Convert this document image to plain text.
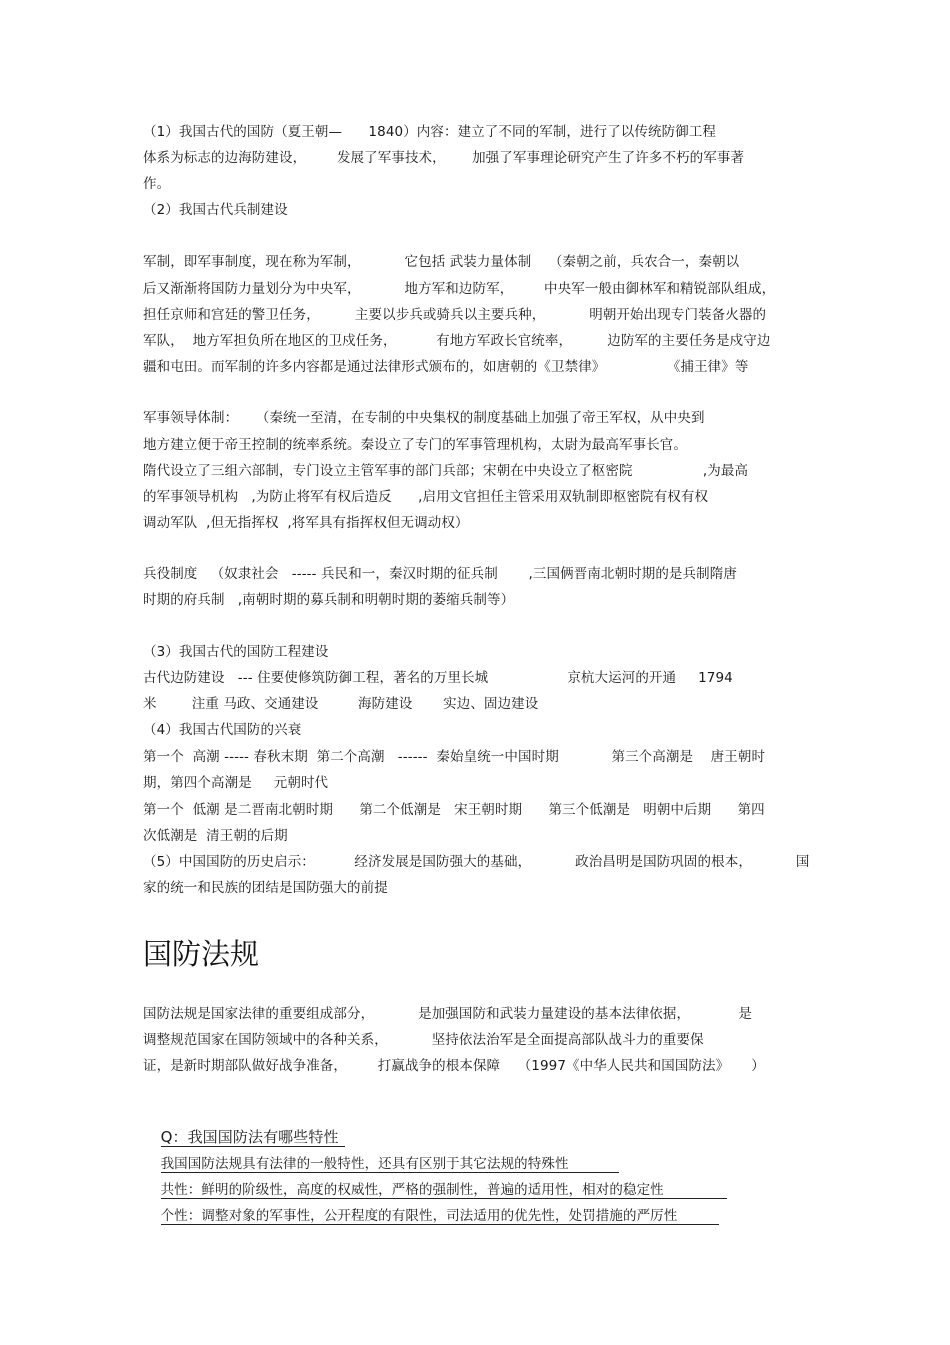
（1）我国古代的国防（夏王朝—      1840）内容：建立了不同的军制，进行了以传统防御工程
体系为标志的边海防建设，       发展了军事技术，      加强了军事理论研究产生了许多不朽的军事著
作。
（2）我国古代兵制建设
军制，即军事制度，现在称为军制，          它包括 武装力量体制    （秦朝之前，兵农合一，秦朝以
后又渐渐将国防力量划分为中央军，          地方军和边防军，       中央军一般由御林军和精锐部队组成，
担任京师和宫廷的警卫任务，        主要以步兵或骑兵以主要兵种，          明朝开始出现专门装备火器的
军队，  地方军担负所在地区的卫戍任务，         有地方军政长官统率，        边防军的主要任务是戍守边
疆和屯田。而军制的许多内容都是通过法律形式颁布的，如唐朝的《卫禁律》              《捕王律》等
军事领导体制：    （秦统一至清，在专制的中央集权的制度基础上加强了帝王军权，从中央到
地方建立便于帝王控制的统率系统。秦设立了专门的军事管理机构，太尉为最高军事长官。
隋代设立了三组六部制，专门设立主管军事的部门兵部；宋朝在中央设立了枢密院                ,为最高
的军事领导机构   ,为防止将军有权后造反      ,启用文官担任主管采用双轨制即枢密院有权有权
调动军队  ,但无指挥权  ,将军具有指挥权但无调动权）
兵役制度   （奴隶社会   ----- 兵民和一，秦汉时期的征兵制       ,三国俩晋南北朝时期的是兵制隋唐
时期的府兵制   ,南朝时期的募兵制和明朝时期的萎缩兵制等）
（3）我国古代的国防工程建设
古代边防建设   --- 住要使修筑防御工程，著名的万里长城                  京杭大运河的开通     1794
米        注重 马政、交通建设         海防建设       实边、固边建设
（4）我国古代国防的兴衰
第一个  高潮 ----- 春秋末期  第二个高潮   ------  秦始皇统一中国时期            第三个高潮是    唐王朝时
期，第四个高潮是     元朝时代
第一个  低潮 是二晋南北朝时期      第二个低潮是   宋王朝时期      第三个低潮是   明朝中后期      第四
次低潮是  清王朝的后期
（5）中国国防的历史启示：         经济发展是国防强大的基础，          政治昌明是国防巩固的根本，          国
家的统一和民族的团结是国防强大的前提
国防法规
国防法规是国家法律的重要组成部分，          是加强国防和武装力量建设的基本法律依据，           是
调整规范国家在国防领域中的各种关系，          坚持依法治军是全面提高部队战斗力的重要保
证，是新时期部队做好战争准备，       打赢战争的根本保障    （1997《中华人民共和国国防法》     ）

Q：我国国防法有哪些特性

我国国防法规具有法律的一般特性，还具有区别于其它法规的特殊性

共性：鲜明的阶级性，高度的权威性，严格的强制性，普遍的适用性，相对的稳定性

个性：调整对象的军事性，公开程度的有限性，司法适用的优先性，处罚措施的严厉性
